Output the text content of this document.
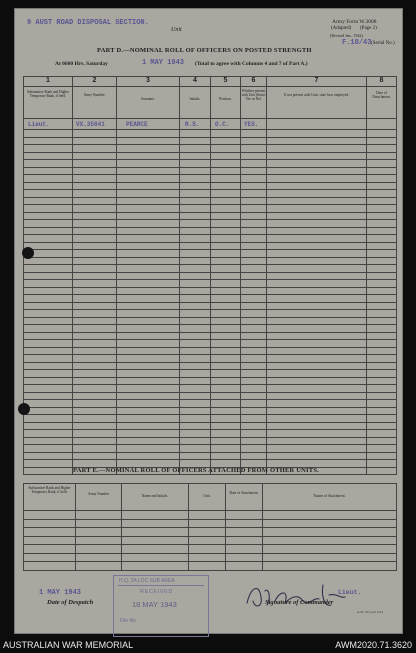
9 AUST ROAD DISPOSAL SECTION.
Unit
Army Form W.3008
(Adapted) (Page 2)
(Revised Jan., 1942)
F.18/43 (Serial No.)
PART D.—NOMINAL ROLL OF OFFICERS ON POSTED STRENGTH
At 0600 Hrs. Saturday	1 MAY 1943 (Total to agree with Columns 4 and 7 of Part A.)
1	2	3	4	5	6	7	8
Substantive Rank and Higher Temporary Rank, if held.	Army Number.	Surname.	Initials.	Position.	Whether present with Unit (Insert Yes or No)	If not present with Unit, state how employed.	Date of Detachment.
Lieut.	VX.35041	PEARCE	R.S.	O.C.	YES.		

PART E.—NOMINAL ROLL OF OFFICERS ATTACHED FROM OTHER UNITS.
Substantive Rank and Higher Temporary Rank, if held.	Army Number	Name and Initials.	Unit.	Date of Attachment.	Nature of Attachment.

1 MAY 1943
Date of Despatch
H.Q. 2A LOC SUB AREA
RECEIVED
18 MAY 1943
File No.
R.S. Pearce
Lieut.
Signature of Commander
A.W. 29: part 2/41
AUSTRALIAN WAR MEMORIAL	AWM2020.71.3620
